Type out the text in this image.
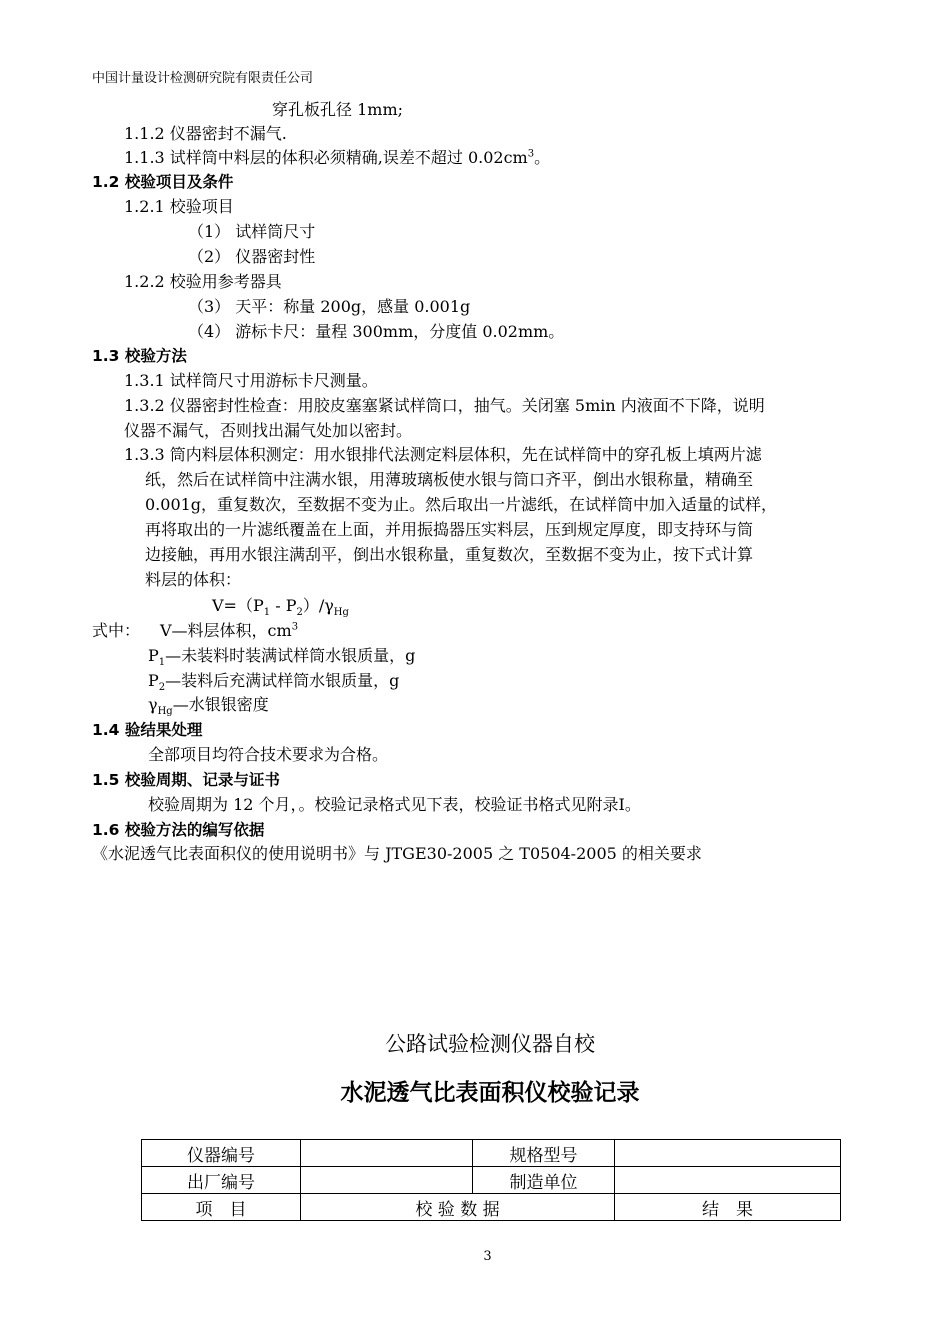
中国计量设计检测研究院有限责任公司
穿孔板孔径 1mm;
1.1.2 仪器密封不漏气.
1.1.3 试样筒中料层的体积必须精确,误差不超过 $0.02cm^3$。
1.2 校验项目及条件
1.2.1 校验项目
（1） 试样筒尺寸
（2） 仪器密封性
1.2.2 校验用参考器具
（3） 天平：称量 200g，感量 0.001g
（4） 游标卡尺：量程 300mm，分度值 0.02mm。
1.3 校验方法
1.3.1 试样筒尺寸用游标卡尺测量。
1.3.2 仪器密封性检查：用胶皮塞塞紧试样筒口，抽气。关闭塞 5min 内液面不下降，说明
仪器不漏气，否则找出漏气处加以密封。
1.3.3 筒内料层体积测定：用水银排代法测定料层体积，先在试样筒中的穿孔板上填两片滤
纸，然后在试样筒中注满水银，用薄玻璃板使水银与筒口齐平，倒出水银称量，精确至
0.001g，重复数次，至数据不变为止。然后取出一片滤纸，在试样筒中加入适量的试样，
再将取出的一片滤纸覆盖在上面，并用振捣器压实料层，压到规定厚度，即支持环与筒
边接触，再用水银注满刮平，倒出水银称量，重复数次，至数据不变为止，按下式计算
料层的体积：
$V=(P_1 - P_2)/\gamma_{Hg}$
式中： V—料层体积，$cm^3$
$P_1—$未装料时装满试样筒水银质量，g
$P_2—$装料后充满试样筒水银质量，g
$\gamma_{Hg}—$水银银密度
1.4 验结果处理
全部项目均符合技术要求为合格。
1.5 校验周期、记录与证书
校验周期为 12 个月，。校验记录格式见下表，校验证书格式见附录Ⅰ。
1.6 校验方法的编写依据
《水泥透气比表面积仪的使用说明书》与 JTGE30-2005 之 T0504-2005 的相关要求
公路试验检测仪器自校
水泥透气比表面积仪校验记录
仪器编号		规格型号	
出厂编号		制造单位	
项　目	校 验 数 据		结　果
3
